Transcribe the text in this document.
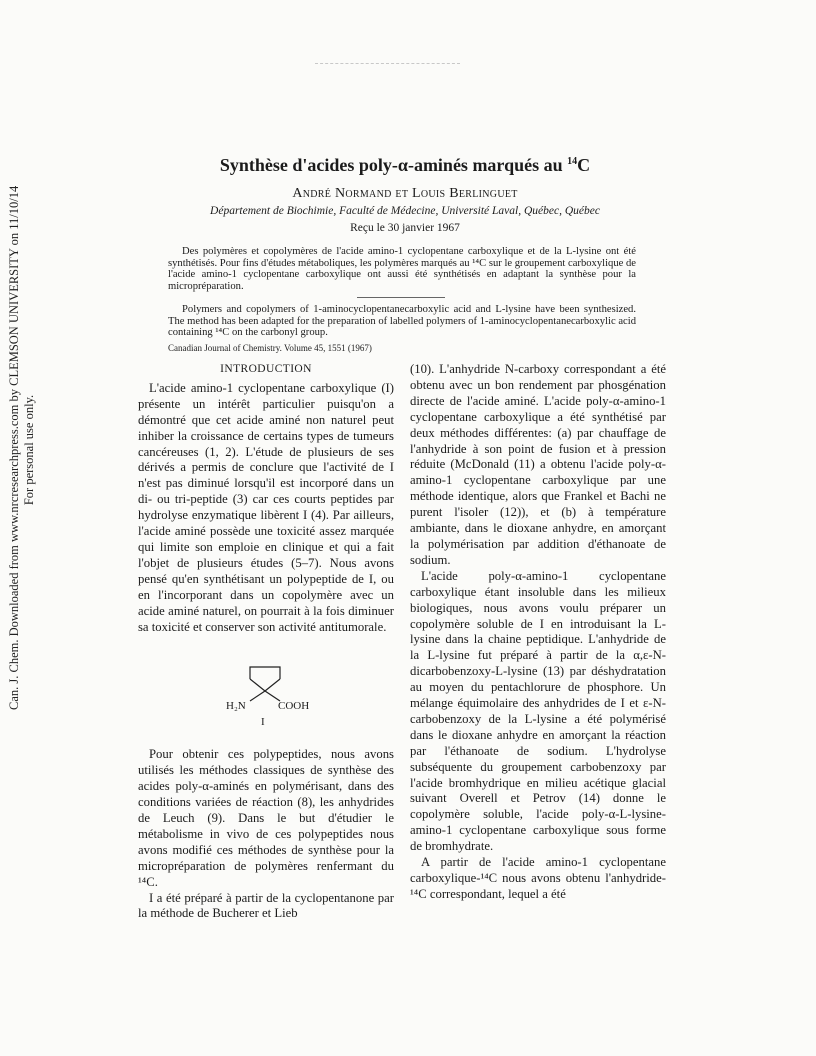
Can. J. Chem. Downloaded from www.nrcresearchpress.com by CLEMSON UNIVERSITY on 11/10/14 For personal use only.
Synthèse d'acides poly-α-aminés marqués au $^{14}$C
André Normand et Louis Berlinguet
Département de Biochimie, Faculté de Médecine, Université Laval, Québec, Québec
Reçu le 30 janvier 1967

Des polymères et copolymères de l'acide amino-1 cyclopentane carboxylique et de la L-lysine ont été synthétisés. Pour fins d'études métaboliques, les polymères marqués au ¹⁴C sur le groupement carboxylique de l'acide amino-1 cyclopentane carboxylique ont aussi été synthétisés en adaptant la synthèse pour la micropréparation.

Polymers and copolymers of 1-aminocyclopentanecarboxylic acid and L-lysine have been synthesized. The method has been adapted for the preparation of labelled polymers of 1-aminocyclopentanecarboxylic acid containing ¹⁴C on the carbonyl group.

Canadian Journal of Chemistry. Volume 45, 1551 (1967)
INTRODUCTION

L'acide amino-1 cyclopentane carboxylique (I) présente un intérêt particulier puisqu'on a démontré que cet acide aminé non naturel peut inhiber la croissance de certains types de tumeurs cancéreuses (1, 2). L'étude de plusieurs de ses dérivés a permis de conclure que l'activité de I n'est pas diminué lorsqu'il est incorporé dans un di- ou tri-peptide (3) car ces courts peptides par hydrolyse enzymatique libèrent I (4). Par ailleurs, l'acide aminé possède une toxicité assez marquée qui limite son emploie en clinique et qui a fait l'objet de plusieurs études (5–7). Nous avons pensé qu'en synthétisant un polypeptide de I, ou en l'incorporant dans un copolymère avec un acide aminé naturel, on pourrait à la fois diminuer sa toxicité et conserver son activité antitumorale.

H₂N	COOH
I

Pour obtenir ces polypeptides, nous avons utilisés les méthodes classiques de synthèse des acides poly-α-aminés en polymérisant, dans des conditions variées de réaction (8), les anhydrides de Leuch (9). Dans le but d'étudier le métabolisme in vivo de ces polypeptides nous avons modifié ces méthodes de synthèse pour la micropréparation de polymères renfermant du ¹⁴C.

I a été préparé à partir de la cyclopentanone par la méthode de Bucherer et Lieb

(10). L'anhydride N-carboxy correspondant a été obtenu avec un bon rendement par phosgénation directe de l'acide aminé. L'acide poly-α-amino-1 cyclopentane carboxylique a été synthétisé par deux méthodes différentes: (a) par chauffage de l'anhydride à son point de fusion et à pression réduite (McDonald (11) a obtenu l'acide poly-α-amino-1 cyclopentane carboxylique par une méthode identique, alors que Frankel et Bachi ne purent l'isoler (12)), et (b) à température ambiante, dans le dioxane anhydre, en amorçant la polymérisation par addition d'éthanoate de sodium.

L'acide poly-α-amino-1 cyclopentane carboxylique étant insoluble dans les milieux biologiques, nous avons voulu préparer un copolymère soluble de I en introduisant la L-lysine dans la chaine peptidique. L'anhydride de la L-lysine fut préparé à partir de la α,ε-N-dicarbobenzoxy-L-lysine (13) par déshydratation au moyen du pentachlorure de phosphore. Un mélange équimolaire des anhydrides de I et ε-N-carbobenzoxy de la L-lysine a été polymérisé dans le dioxane anhydre en amorçant la réaction par l'éthanoate de sodium. L'hydrolyse subséquente du groupement carbobenzoxy par l'acide bromhydrique en milieu acétique glacial suivant Overell et Petrov (14) donne le copolymère soluble, l'acide poly-α-L-lysine-amino-1 cyclopentane carboxylique sous forme de bromhydrate.

A partir de l'acide amino-1 cyclopentane carboxylique-¹⁴C nous avons obtenu l'anhydride-¹⁴C correspondant, lequel a été
